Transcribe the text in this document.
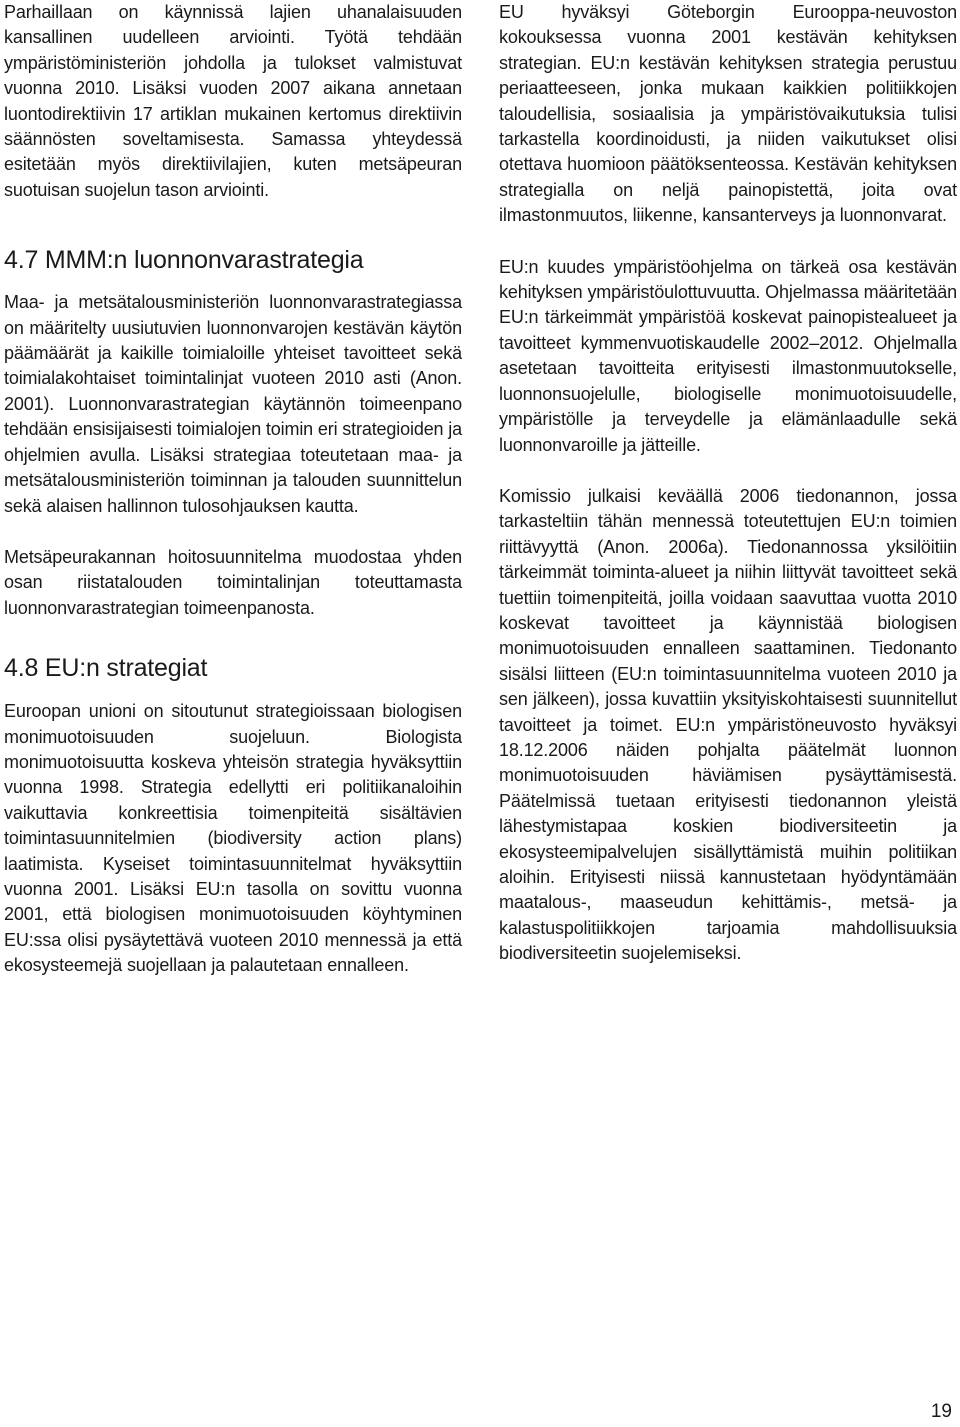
Parhaillaan on käynnissä lajien uhanalaisuuden kansallinen uudelleen arviointi. Työtä tehdään ympäristöministeriön johdolla ja tulokset valmistuvat vuonna 2010. Lisäksi vuoden 2007 aikana annetaan luontodirektiivin 17 artiklan mukainen kertomus direktiivin säännösten soveltamisesta. Samassa yhteydessä esitetään myös direktiivilajien, kuten metsäpeuran suotuisan suojelun tason arviointi.

4.7 MMM:n luonnonvarastrategia

Maa- ja metsätalousministeriön luonnonvarastrategiassa on määritelty uusiutuvien luonnonvarojen kestävän käytön päämäärät ja kaikille toimialoille yhteiset tavoitteet sekä toimialakohtaiset toimintalinjat vuoteen 2010 asti (Anon. 2001). Luonnonvarastrategian käytännön toimeenpano tehdään ensisijaisesti toimialojen toimin eri strategioiden ja ohjelmien avulla. Lisäksi strategiaa toteutetaan maa- ja metsätalousministeriön toiminnan ja talouden suunnittelun sekä alaisen hallinnon tulosohjauksen kautta.

Metsäpeurakannan hoitosuunnitelma muodostaa yhden osan riistatalouden toimintalinjan toteuttamasta luonnonvarastrategian toimeenpanosta.

4.8 EU:n strategiat

Euroopan unioni on sitoutunut strategioissaan biologisen monimuotoisuuden suojeluun. Biologista monimuotoisuutta koskeva yhteisön strategia hyväksyttiin vuonna 1998. Strategia edellytti eri politiikanaloihin vaikuttavia konkreettisia toimenpiteitä sisältävien toimintasuunnitelmien (biodiversity action plans) laatimista. Kyseiset toimintasuunnitelmat hyväksyttiin vuonna 2001. Lisäksi EU:n tasolla on sovittu vuonna 2001, että biologisen monimuotoisuuden köyhtyminen EU:ssa olisi pysäytettävä vuoteen 2010 mennessä ja että ekosysteemejä suojellaan ja palautetaan ennalleen.

EU hyväksyi Göteborgin Eurooppa-neuvoston kokouksessa vuonna 2001 kestävän kehityksen strategian. EU:n kestävän kehityksen strategia perustuu periaatteeseen, jonka mukaan kaikkien politiikkojen taloudellisia, sosiaalisia ja ympäristövaikutuksia tulisi tarkastella koordinoidusti, ja niiden vaikutukset olisi otettava huomioon päätöksenteossa. Kestävän kehityksen strategialla on neljä painopistettä, joita ovat ilmastonmuutos, liikenne, kansanterveys ja luonnonvarat.

EU:n kuudes ympäristöohjelma on tärkeä osa kestävän kehityksen ympäristöulottuvuutta. Ohjelmassa määritetään EU:n tärkeimmät ympäristöä koskevat painopistealueet ja tavoitteet kymmenvuotiskaudelle 2002–2012. Ohjelmalla asetetaan tavoitteita erityisesti ilmastonmuutokselle, luonnonsuojelulle, biologiselle monimuotoisuudelle, ympäristölle ja terveydelle ja elämänlaadulle sekä luonnonvaroille ja jätteille.

Komissio julkaisi keväällä 2006 tiedonannon, jossa tarkasteltiin tähän mennessä toteutettujen EU:n toimien riittävyyttä (Anon. 2006a). Tiedonannossa yksilöitiin tärkeimmät toiminta-alueet ja niihin liittyvät tavoitteet sekä tuettiin toimenpiteitä, joilla voidaan saavuttaa vuotta 2010 koskevat tavoitteet ja käynnistää biologisen monimuotoisuuden ennalleen saattaminen. Tiedonanto sisälsi liitteen (EU:n toimintasuunnitelma vuoteen 2010 ja sen jälkeen), jossa kuvattiin yksityiskohtaisesti suunnitellut tavoitteet ja toimet. EU:n ympäristöneuvosto hyväksyi 18.12.2006 näiden pohjalta päätelmät luonnon monimuotoisuuden häviämisen pysäyttämisestä. Päätelmissä tuetaan erityisesti tiedonannon yleistä lähestymistapaa koskien biodiversiteetin ja ekosysteemipalvelujen sisällyttämistä muihin politiikan aloihin. Erityisesti niissä kannustetaan hyödyntämään maatalous-, maaseudun kehittämis-, metsä- ja kalastuspolitiikkojen tarjoamia mahdollisuuksia biodiversiteetin suojelemiseksi.

19
